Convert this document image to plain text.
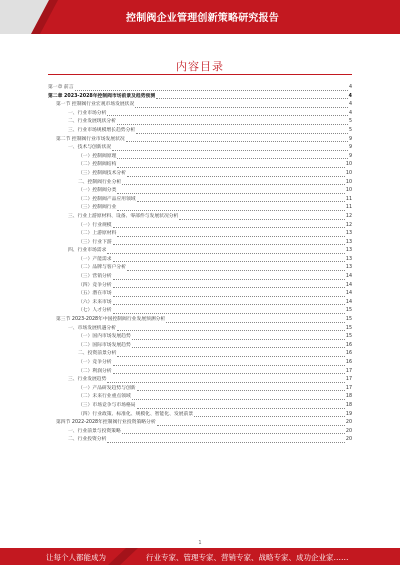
控制阀企业管理创新策略研究报告
内容目录
第一章 前言	4
第二章 2023-2028年控制阀市场前景及趋势预测	4
第一节 控制阀行业宏观市场发展状况	4
一、行业市场分析	4
二、行业发展现状分析	5
三、行业市场规模增长趋势分析	5
第二节 控制阀行业市场发展状况	9
一、技术与创新状况	9
（一）控制阀原理	9
（二）控制阀结构	10
（三）控制阀技术分析	10
二、控制阀行业分析	10
（一）控制阀分类	10
（二）控制阀产品应用领域	11
（三）控制阀行业	11
三、行业上游原材料、设备、零部件与发展状况分析	12
（一）行业规模	12
（二）上游原材料	13
（三）行业下游	13
四、行业市场需求	13
（一）产能需求	13
（二）品牌与客户分析	13
（三）营销分析	14
（四）竞争分析	14
（五）潜在市场	14
（六）未来市场	14
（七）人才分析	15
第三节 2023-2028年中国控制阀行业发展预测分析	15
一、市场发展机遇分析	15
（一）国内市场发展趋势	15
（二）国际市场发展趋势	16
二、投资前景分析	16
（一）竞争分析	16
（二）利润分析	17
三、行业发展趋势	17
（一）产品研发趋势与创新	17
（二）未来行业重点领域	18
（三）市场竞争与市场格局	18
（四）行业政策、标准化、规模化、智能化、发展前景	19
第四节 2022-2028年控制阀行业投资策略分析	20
一、行业前景与投资策略	20
二、行业投资分析	20
1
让每个人都能成为	行业专家、管理专家、营销专家、战略专家、成功企业家……
